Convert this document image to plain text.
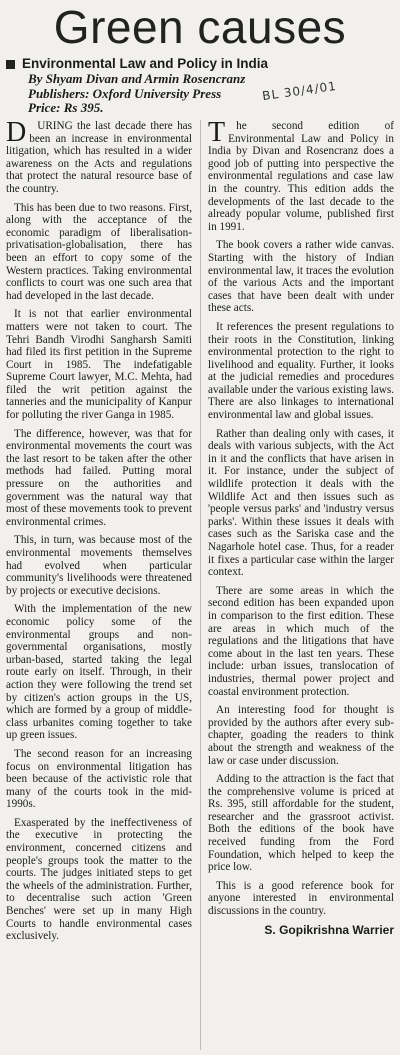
Green causes
Environmental Law and Policy in India
By Shyam Divan and Armin Rosencranz
Publishers: Oxford University Press
Price: Rs 395.
BL 30/4/01

DURING the last decade there has been an increase in environmental litigation, which has resulted in a wider awareness on the Acts and regulations that protect the natural resource base of the country.

This has been due to two reasons. First, along with the acceptance of the economic paradigm of liberalisation- privatisation-globalisation, there has been an effort to copy some of the Western practices. Taking environmental conflicts to court was one such area that had developed in the last decade.

It is not that earlier environmental matters were not taken to court. The Tehri Bandh Virodhi Sangharsh Samiti had filed its first petition in the Supreme Court in 1985. The indefatigable Supreme Court lawyer, M.C. Mehta, had filed the writ petition against the tanneries and the municipality of Kanpur for polluting the river Ganga in 1985.

The difference, however, was that for environmental movements the court was the last resort to be taken after the other methods had failed. Putting moral pressure on the authorities and government was the natural way that most of these movements took to prevent environmental crimes.

This, in turn, was because most of the environmental movements themselves had evolved when particular community's livelihoods were threatened by projects or executive decisions.

With the implementation of the new economic policy some of the environmental groups and non-governmental organisations, mostly urban-based, started taking the legal route early on itself. Through, in their action they were following the trend set by citizen's action groups in the US, which are formed by a group of middle-class urbanites coming together to take up green issues.

The second reason for an increasing focus on environmental litigation has been because of the activistic role that many of the courts took in the mid-1990s.

Exasperated by the ineffectiveness of the executive in protecting the environment, concerned citizens and people's groups took the matter to the courts. The judges initiated steps to get the wheels of the administration. Further, to decentralise such action 'Green Benches' were set up in many High Courts to handle environmental cases exclusively.

The second edition of Environmental Law and Policy in India by Divan and Rosencranz does a good job of putting into perspective the environmental regulations and case law in the country. This edition adds the developments of the last decade to the already popular volume, published first in 1991.

The book covers a rather wide canvas. Starting with the history of Indian environmental law, it traces the evolution of the various Acts and the important cases that have been dealt with under these acts.

It references the present regulations to their roots in the Constitution, linking environmental protection to the right to livelihood and equality. Further, it looks at the judicial remedies and procedures available under the various existing laws. There are also linkages to international environmental law and global issues.

Rather than dealing only with cases, it deals with various subjects, with the Act in it and the conflicts that have arisen in it. For instance, under the subject of wildlife protection it deals with the Wildlife Act and then issues such as 'people versus parks' and 'industry versus parks'. Within these issues it deals with cases such as the Sariska case and the Nagarhole hotel case. Thus, for a reader it fixes a particular case within the larger context.

There are some areas in which the second edition has been expanded upon in comparison to the first edition. These are areas in which much of the regulations and the litigations that have come about in the last ten years. These include: urban issues, translocation of industries, thermal power project and coastal environment protection.

An interesting food for thought is provided by the authors after every sub-chapter, goading the readers to think about the strength and weakness of the law or case under discussion.

Adding to the attraction is the fact that the comprehensive volume is priced at Rs. 395, still affordable for the student, researcher and the grassroot activist. Both the editions of the book have received funding from the Ford Foundation, which helped to keep the price low.

This is a good reference book for anyone interested in environmental discussions in the country.

S. Gopikrishna Warrier
